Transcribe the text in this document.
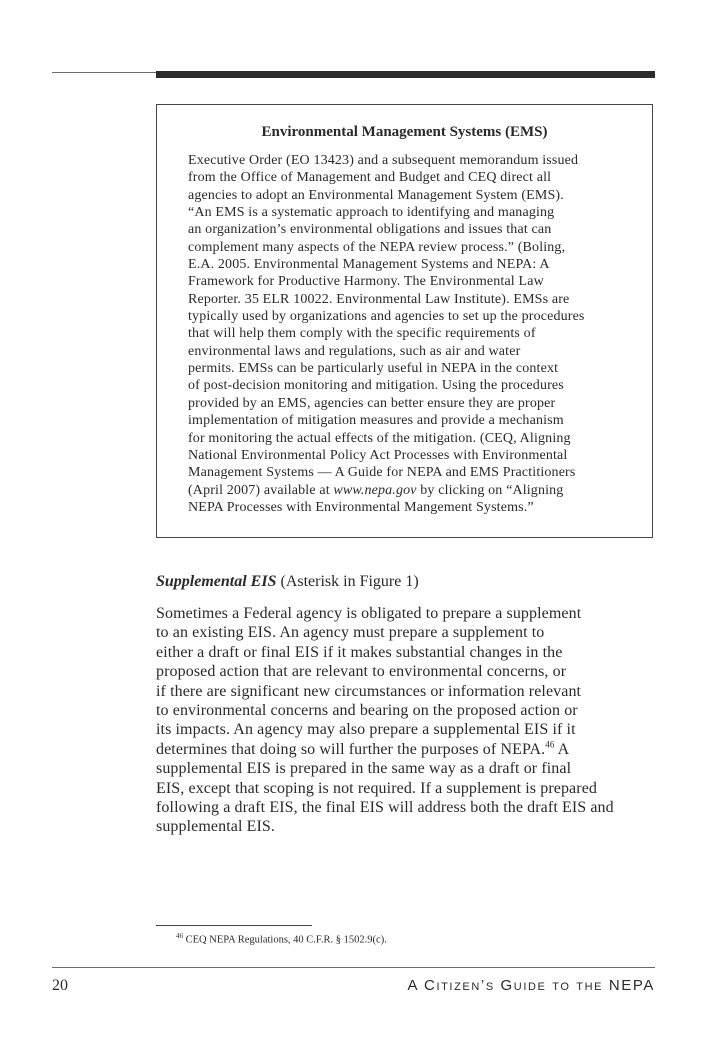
Environmental Management Systems (EMS)
Executive Order (EO 13423) and a subsequent memorandum issued
from the Office of Management and Budget and CEQ direct all
agencies to adopt an Environmental Management System (EMS).
“An EMS is a systematic approach to identifying and managing
an organization’s environmental obligations and issues that can
complement many aspects of the NEPA review process.” (Boling,
E.A. 2005. Environmental Management Systems and NEPA: A
Framework for Productive Harmony. The Environmental Law
Reporter. 35 ELR 10022. Environmental Law Institute). EMSs are
typically used by organizations and agencies to set up the procedures
that will help them comply with the specific requirements of
environmental laws and regulations, such as air and water
permits. EMSs can be particularly useful in NEPA in the context
of post-decision monitoring and mitigation. Using the procedures
provided by an EMS, agencies can better ensure they are proper
implementation of mitigation measures and provide a mechanism
for monitoring the actual effects of the mitigation. (CEQ, Aligning
National Environmental Policy Act Processes with Environmental
Management Systems — A Guide for NEPA and EMS Practitioners
(April 2007) available at www.nepa.gov by clicking on “Aligning
NEPA Processes with Environmental Mangement Systems.”
Supplemental EIS (Asterisk in Figure 1)
Sometimes a Federal agency is obligated to prepare a supplement
to an existing EIS. An agency must prepare a supplement to
either a draft or final EIS if it makes substantial changes in the
proposed action that are relevant to environmental concerns, or
if there are significant new circumstances or information relevant
to environmental concerns and bearing on the proposed action or
its impacts. An agency may also prepare a supplemental EIS if it
determines that doing so will further the purposes of NEPA.$^{46}$ A
supplemental EIS is prepared in the same way as a draft or final
EIS, except that scoping is not required. If a supplement is prepared
following a draft EIS, the final EIS will address both the draft EIS and
supplemental EIS.
$^{46}$ CEQ NEPA Regulations, 40 C.F.R. § 1502.9(c).
20	A Citizen’s Guide to the NEPA
